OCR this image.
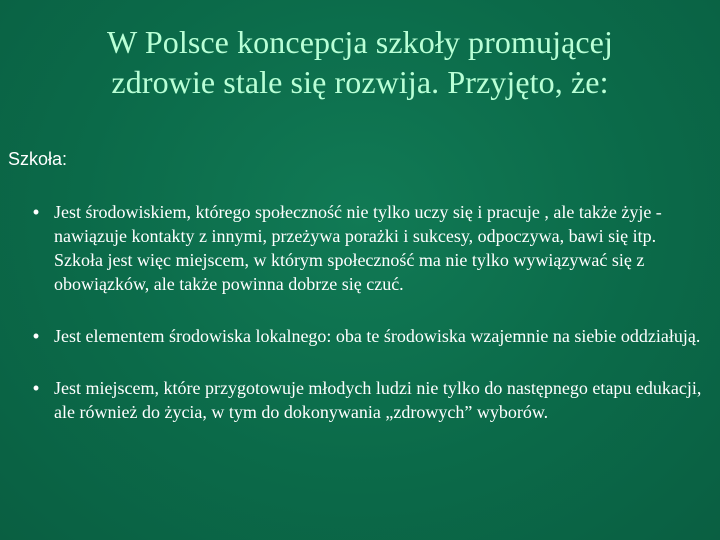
W Polsce koncepcja szkoły promującej
zdrowie stale się rozwija. Przyjęto, że:
Szkoła:
• Jest środowiskiem, którego społeczność nie tylko uczy się i pracuje , ale także żyje - nawiązuje kontakty z innymi, przeżywa porażki i sukcesy, odpoczywa, bawi się itp. Szkoła jest więc miejscem, w którym społeczność ma nie tylko wywiązywać się z obowiązków, ale także powinna dobrze się czuć.
• Jest elementem środowiska lokalnego: oba te środowiska wzajemnie na siebie oddziałują.
• Jest miejscem, które przygotowuje młodych ludzi nie tylko do następnego etapu edukacji, ale również do życia, w tym do dokonywania „zdrowych” wyborów.
